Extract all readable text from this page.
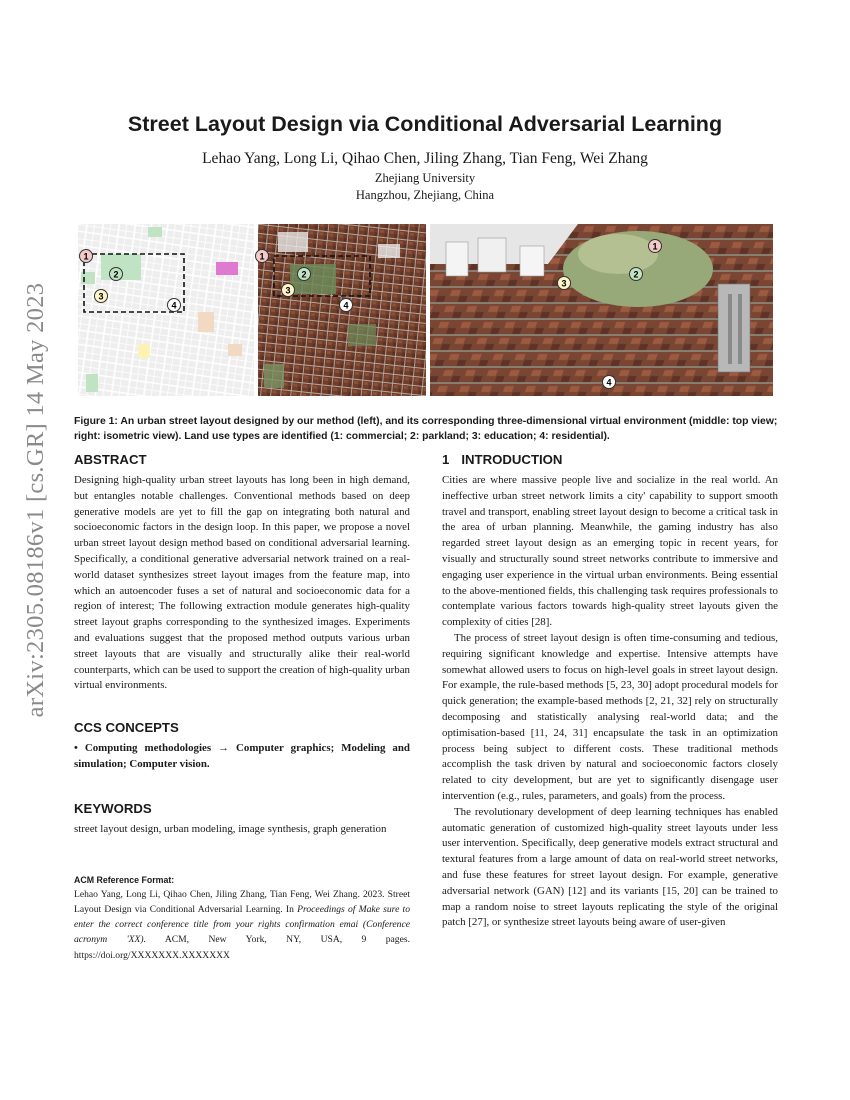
arXiv:2305.08186v1 [cs.GR] 14 May 2023
Street Layout Design via Conditional Adversarial Learning
Lehao Yang, Long Li, Qihao Chen, Jiling Zhang, Tian Feng, Wei Zhang
Zhejiang University
Hangzhou, Zhejiang, China
1
2
3
4
1
2
3
4
1
2
3
4
Figure 1: An urban street layout designed by our method (left), and its corresponding three-dimensional virtual environment (middle: top view; right: isometric view). Land use types are identified (1: commercial; 2: parkland; 3: education; 4: residential).
ABSTRACT

Designing high-quality urban street layouts has long been in high demand, but entangles notable challenges. Conventional methods based on deep generative models are yet to fill the gap on integrating both natural and socioeconomic factors in the design loop. In this paper, we propose a novel urban street layout design method based on conditional adversarial learning. Specifically, a conditional generative adversarial network trained on a real-world dataset synthesizes street layout images from the feature map, into which an autoencoder fuses a set of natural and socioeconomic data for a region of interest; The following extraction module generates high-quality street layout graphs corresponding to the synthesized images. Experiments and evaluations suggest that the proposed method outputs various urban street layouts that are visually and structurally alike their real-world counterparts, which can be used to support the creation of high-quality urban virtual environments.

CCS CONCEPTS

• Computing methodologies → Computer graphics; Modeling and simulation; Computer vision.

KEYWORDS

street layout design, urban modeling, image synthesis, graph generation

ACM Reference Format:

Lehao Yang, Long Li, Qihao Chen, Jiling Zhang, Tian Feng, Wei Zhang. 2023. Street Layout Design via Conditional Adversarial Learning. In Proceedings of Make sure to enter the correct conference title from your rights confirmation emai (Conference acronym 'XX). ACM, New York, NY, USA, 9 pages. https://doi.org/XXXXXXX.XXXXXXX

1 INTRODUCTION

Cities are where massive people live and socialize in the real world. An ineffective urban street network limits a city' capability to support smooth travel and transport, enabling street layout design to become a critical task in the area of urban planning. Meanwhile, the gaming industry has also regarded street layout design as an emerging topic in recent years, for visually and structurally sound street networks contribute to immersive and engaging user experience in the virtual urban environments. Being essential to the above-mentioned fields, this challenging task requires professionals to contemplate various factors towards high-quality street layouts given the complexity of cities [28].

The process of street layout design is often time-consuming and tedious, requiring significant knowledge and expertise. Intensive attempts have somewhat allowed users to focus on high-level goals in street layout design. For example, the rule-based methods [5, 23, 30] adopt procedural models for quick generation; the example-based methods [2, 21, 32] rely on structurally decomposing and statistically analysing real-world data; and the optimisation-based [11, 24, 31] encapsulate the task in an optimization process being subject to different costs. These traditional methods accomplish the task driven by natural and socioeconomic factors closely related to city development, but are yet to significantly disengage user intervention (e.g., rules, parameters, and goals) from the process.

The revolutionary development of deep learning techniques has enabled automatic generation of customized high-quality street layouts under less user intervention. Specifically, deep generative models extract structural and textural features from a large amount of data on real-world street networks, and fuse these features for street layout design. For example, generative adversarial network (GAN) [12] and its variants [15, 20] can be trained to map a random noise to street layouts replicating the style of the original patch [27], or synthesize street layouts being aware of user-given
